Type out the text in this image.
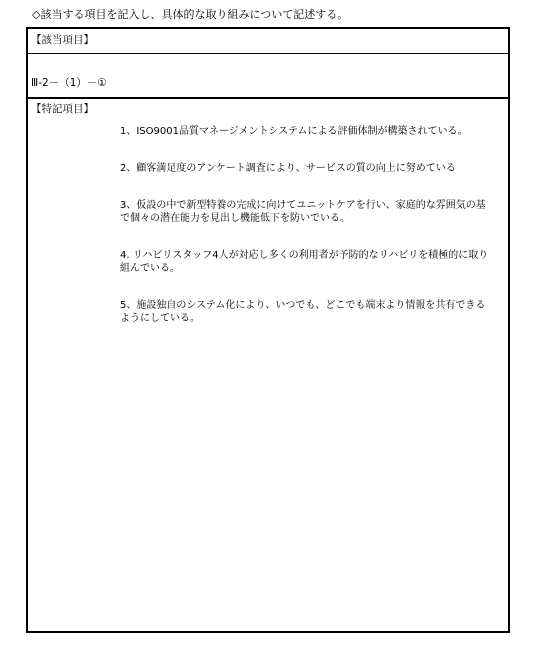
◇該当する項目を記入し、具体的な取り組みについて記述する。
【該当項目】
Ⅲ-2－（1）－①
【特記項目】
1、ISO9001品質マネージメントシステムによる評価体制が構築されている。
2、顧客満足度のアンケート調査により、サービスの質の向上に努めている
3、仮設の中で新型特養の完成に向けてユニットケアを行い、家庭的な雰囲気の基で個々の潜在能力を見出し機能低下を防いでいる。
4. リハビリスタッフ4人が対応し多くの利用者が予防的なリハビリを積極的に取り組んでいる。
5、施設独自のシステム化により、いつでも、どこでも端末より情報を共有できるようにしている。
